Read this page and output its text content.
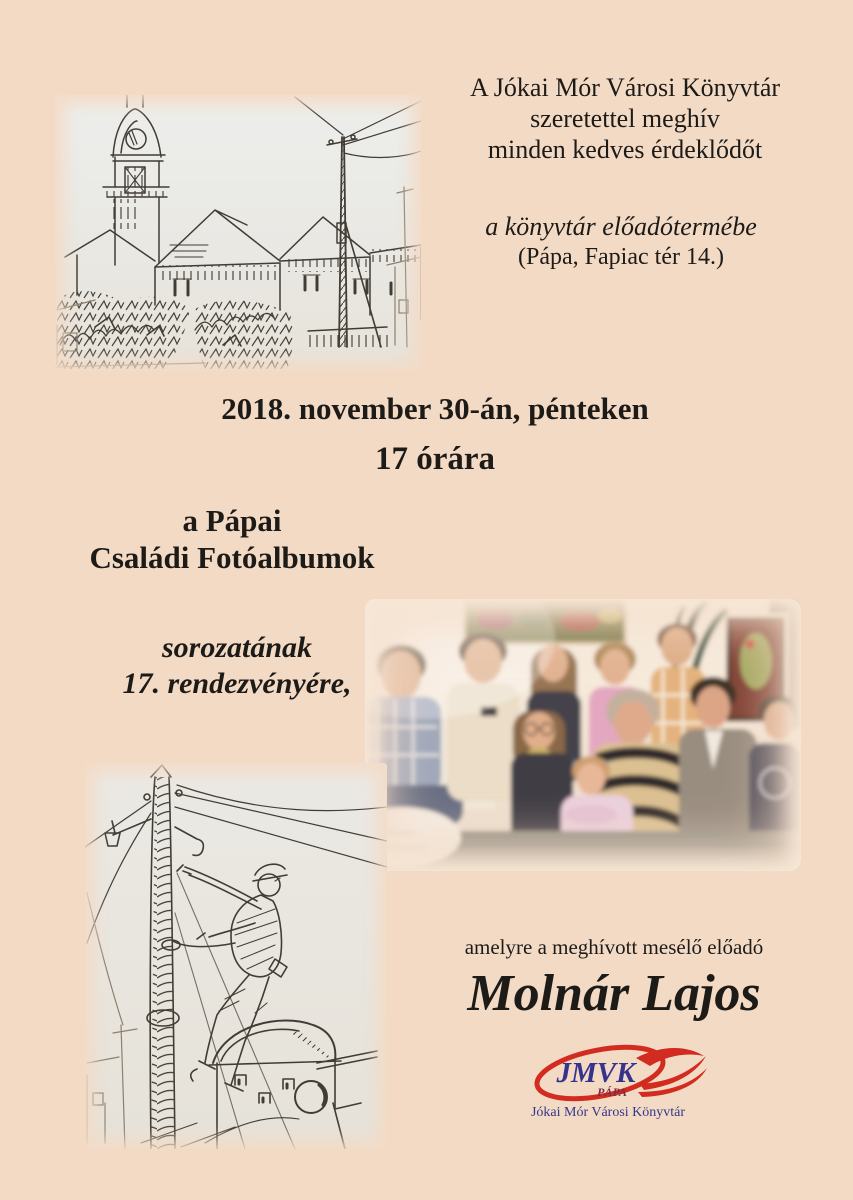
A Jókai Mór Városi Könyvtár
szeretettel meghív
minden kedves érdeklődőt
a könyvtár előadótermébe
(Pápa, Fapiac tér 14.)
2018. november 30-án, pénteken
17 órára
a Pápai
Családi Fotóalbumok
sorozatának
17. rendezvényére,
amelyre a meghívott mesélő előadó
Molnár Lajos
JMVK
PÁPA
Jókai Mór Városi Könyvtár
